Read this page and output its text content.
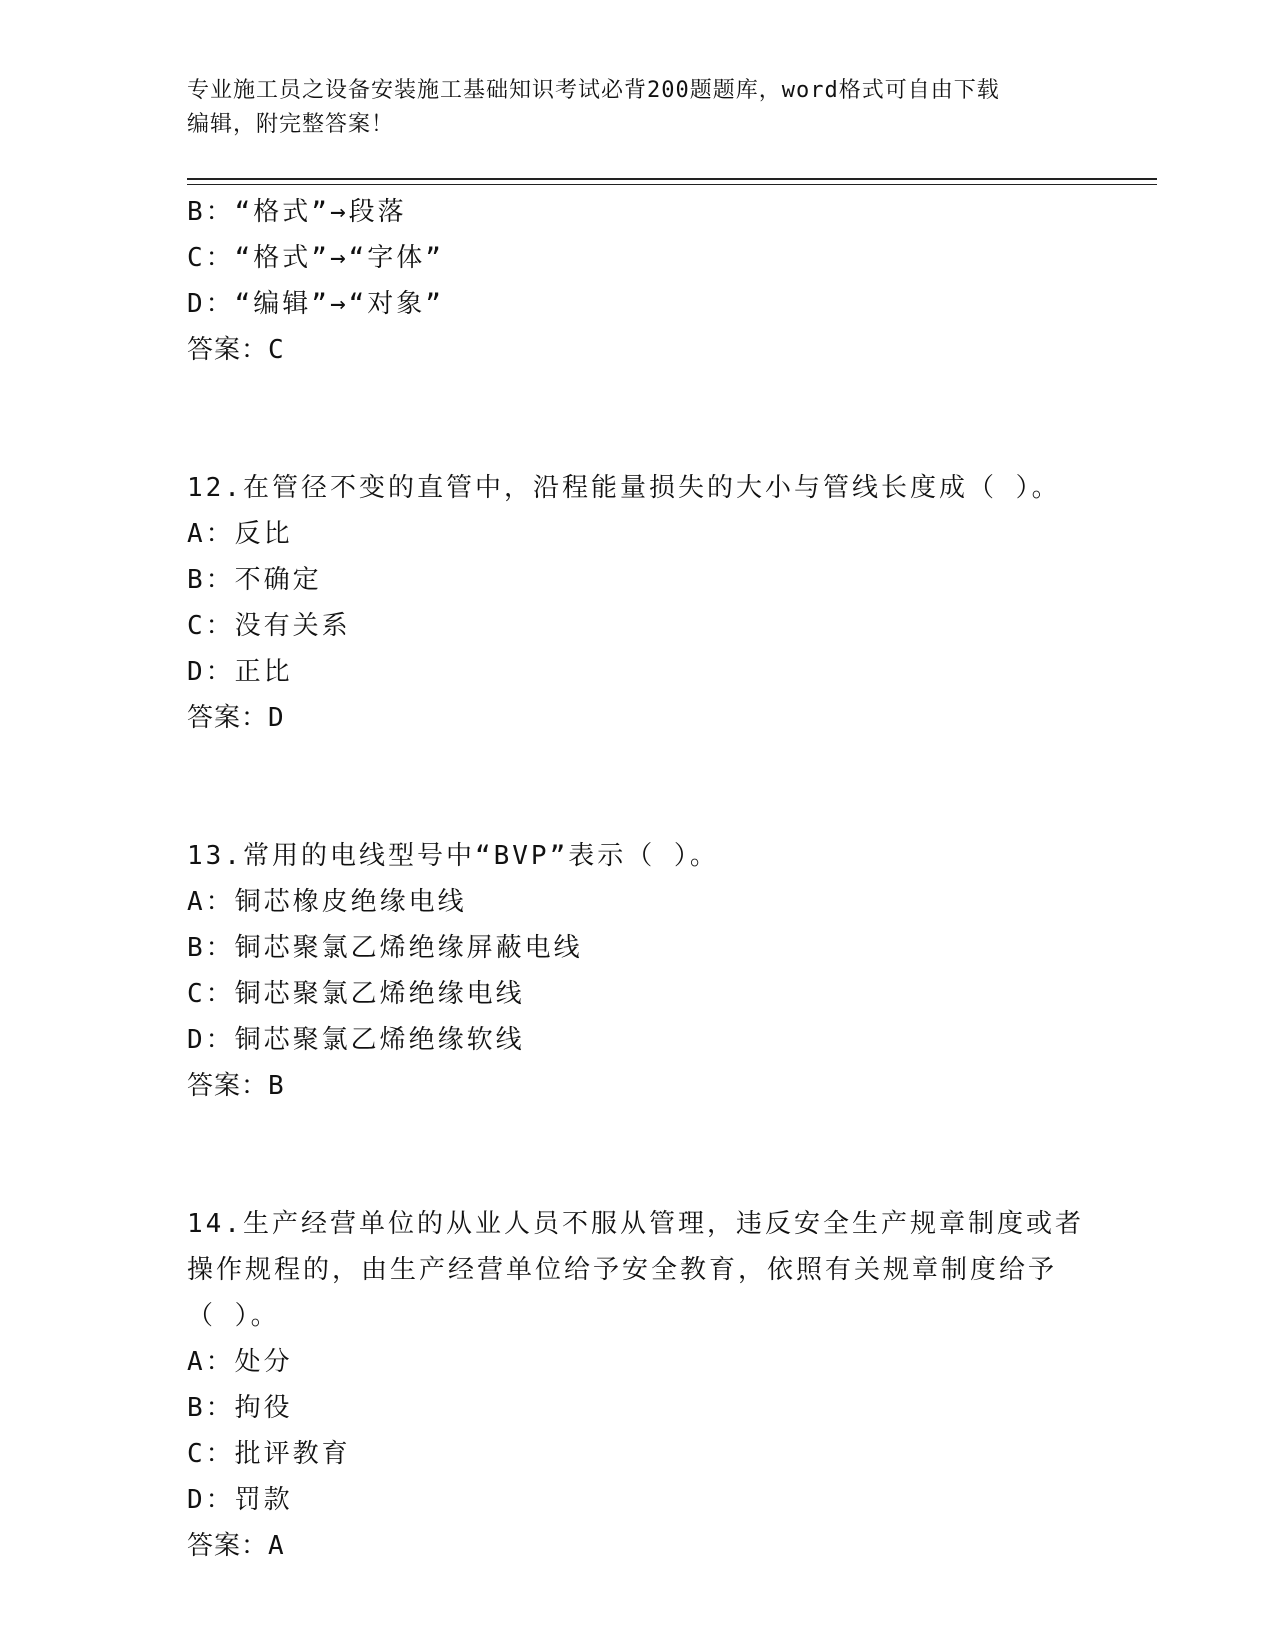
专业施工员之设备安装施工基础知识考试必背200题题库，word格式可自由下载
编辑，附完整答案！
B：“格式”→段落
C：“格式”→“字体”
D：“编辑”→“对象”
答案：C
12.在管径不变的直管中，沿程能量损失的大小与管线长度成（ ）。
A：反比
B：不确定
C：没有关系
D：正比
答案：D
13.常用的电线型号中“BVP”表示（ ）。
A：铜芯橡皮绝缘电线
B：铜芯聚氯乙烯绝缘屏蔽电线
C：铜芯聚氯乙烯绝缘电线
D：铜芯聚氯乙烯绝缘软线
答案：B
14.生产经营单位的从业人员不服从管理，违反安全生产规章制度或者
操作规程的，由生产经营单位给予安全教育，依照有关规章制度给予
（ ）。
A：处分
B：拘役
C：批评教育
D：罚款
答案：A
